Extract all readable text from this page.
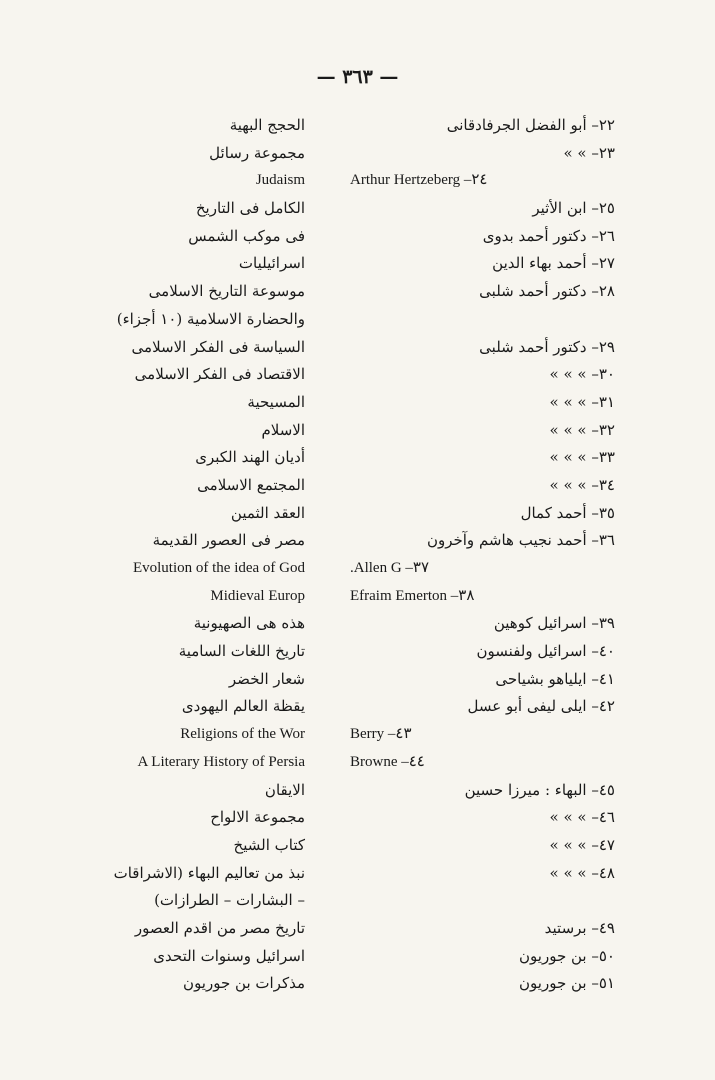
— ٣٦٣ —
٢٢– أبو الفضل الجرفادقانى
٢٣– » »
٢٤– Arthur Hertzeberg
٢٥– ابن الأثير
٢٦– دكتور أحمد بدوى
٢٧– أحمد بهاء الدين
٢٨– دكتور أحمد شلبى
٢٩– دكتور أحمد شلبى
٣٠– » » »
٣١– » » »
٣٢– » » »
٣٣– » » »
٣٤– » » »
٣٥– أحمد كمال
٣٦– أحمد نجيب هاشم وآخرون
٣٧– Allen G.
٣٨– Efraim Emerton
٣٩– اسرائيل كوهين
٤٠– اسرائيل ولفنسون
٤١– ايلياهو بشياحى
٤٢– ايلى ليفى أبو عسل
٤٣– Berry
٤٤– Browne
٤٥– البهاء : ميرزا حسين
٤٦– » » »
٤٧– » » »
٤٨– » » »
٤٩– برستيد
٥٠– بن جوريون
٥١– بن جوريون
الحجج البهية
مجموعة رسائل
Judaism
الكامل فى التاريخ
فى موكب الشمس
اسرائيليات
موسوعة التاريخ الاسلامى
والحضارة الاسلامية (١٠ أجزاء)
السياسة فى الفكر الاسلامى
الاقتصاد فى الفكر الاسلامى
المسيحية
الاسلام
أديان الهند الكبرى
المجتمع الاسلامى
العقد الثمين
مصر فى العصور القديمة
Evolution of the idea of God
Midieval Europ
هذه هى الصهيونية
تاريخ اللغات السامية
شعار الخضر
يقظة العالم اليهودى
Religions of the Wor
A Literary History of Persia
الايقان
مجموعة الالواح
كتاب الشيخ
نبذ من تعاليم البهاء (الاشراقات
– البشارات – الطرازات)
تاريخ مصر من اقدم العصور
اسرائيل وسنوات التحدى
مذكرات بن جوريون
